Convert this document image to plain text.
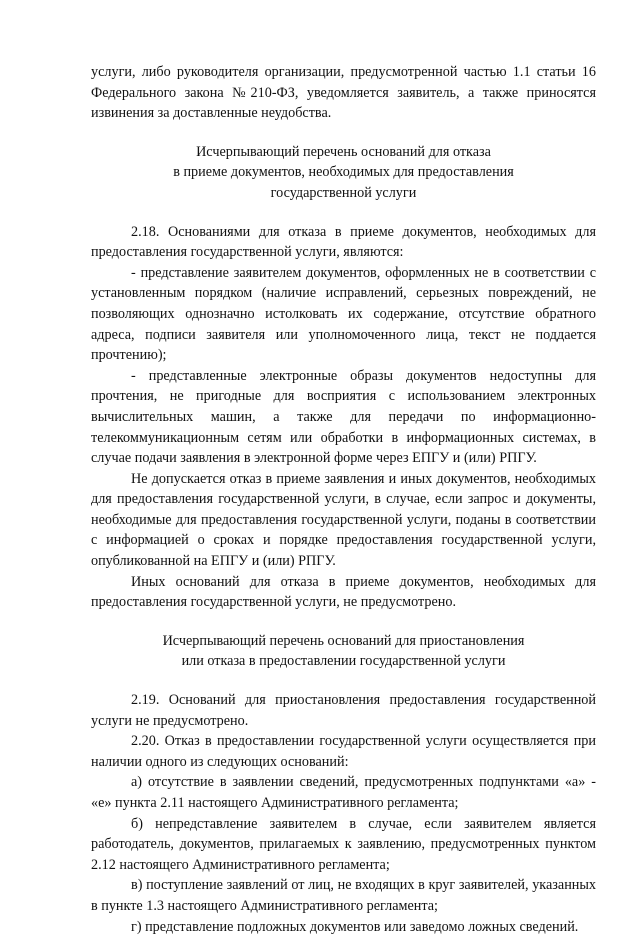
услуги, либо руководителя организации, предусмотренной частью 1.1 статьи 16 Федерального закона №210-ФЗ, уведомляется заявитель, а также приносятся извинения за доставленные неудобства.

Исчерпывающий перечень оснований для отказа
в приеме документов, необходимых для предоставления
государственной услуги

2.18. Основаниями для отказа в приеме документов, необходимых для предоставления государственной услуги, являются:

- представление заявителем документов, оформленных не в соответствии с установленным порядком (наличие исправлений, серьезных повреждений, не позволяющих однозначно истолковать их содержание, отсутствие обратного адреса, подписи заявителя или уполномоченного лица, текст не поддается прочтению);

- представленные электронные образы документов недоступны для прочтения, не пригодные для восприятия с использованием электронных вычислительных машин, а также для передачи по информационно-телекоммуникационным сетям или обработки в информационных системах, в случае подачи заявления в электронной форме через ЕПГУ и (или) РПГУ.

Не допускается отказ в приеме заявления и иных документов, необходимых для предоставления государственной услуги, в случае, если запрос и документы, необходимые для предоставления государственной услуги, поданы в соответствии с информацией о сроках и порядке предоставления государственной услуги, опубликованной на ЕПГУ и (или) РПГУ.

Иных оснований для отказа в приеме документов, необходимых для предоставления государственной услуги, не предусмотрено.

Исчерпывающий перечень оснований для приостановления
или отказа в предоставлении государственной услуги

2.19. Оснований для приостановления предоставления государственной услуги не предусмотрено.

2.20. Отказ в предоставлении государственной услуги осуществляется при наличии одного из следующих оснований:

а) отсутствие в заявлении сведений, предусмотренных подпунктами «а» - «е» пункта 2.11 настоящего Административного регламента;

б) непредставление заявителем в случае, если заявителем является работодатель, документов, прилагаемых к заявлению, предусмотренных пунктом 2.12 настоящего Административного регламента;

в) поступление заявлений от лиц, не входящих в круг заявителей, указанных в пункте 1.3 настоящего Административного регламента;

г) представление подложных документов или заведомо ложных сведений.
